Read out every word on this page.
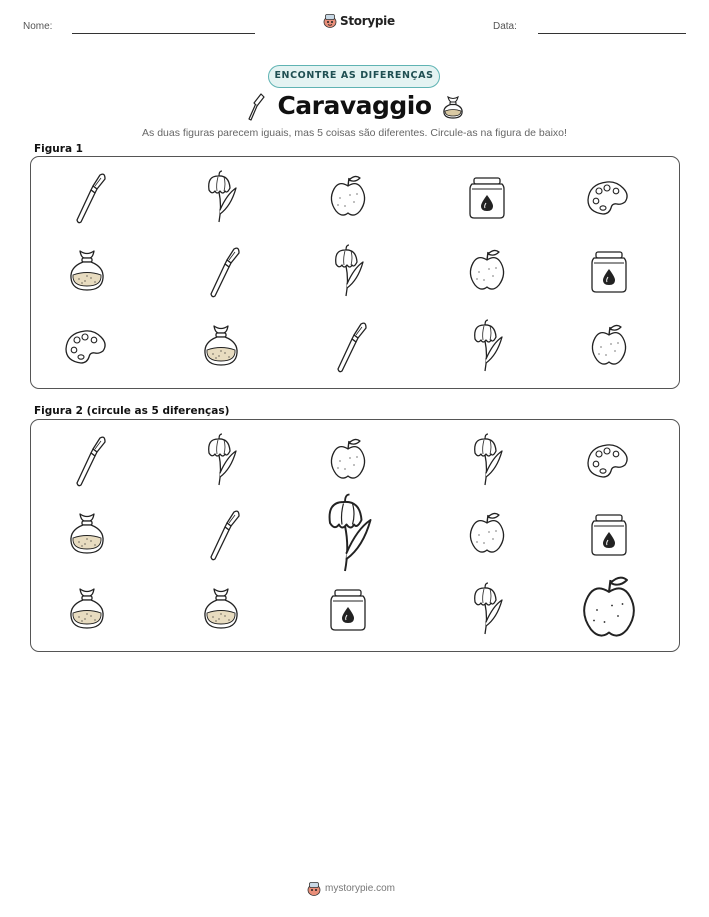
Nome:	Storypie	Data:
ENCONTRE AS DIFERENÇAS
Caravaggio
As duas figuras parecem iguais, mas 5 coisas são diferentes. Circule-as na figura de baixo!
Figura 1
Figura 2 (circule as 5 diferenças)
mystorypie.com
